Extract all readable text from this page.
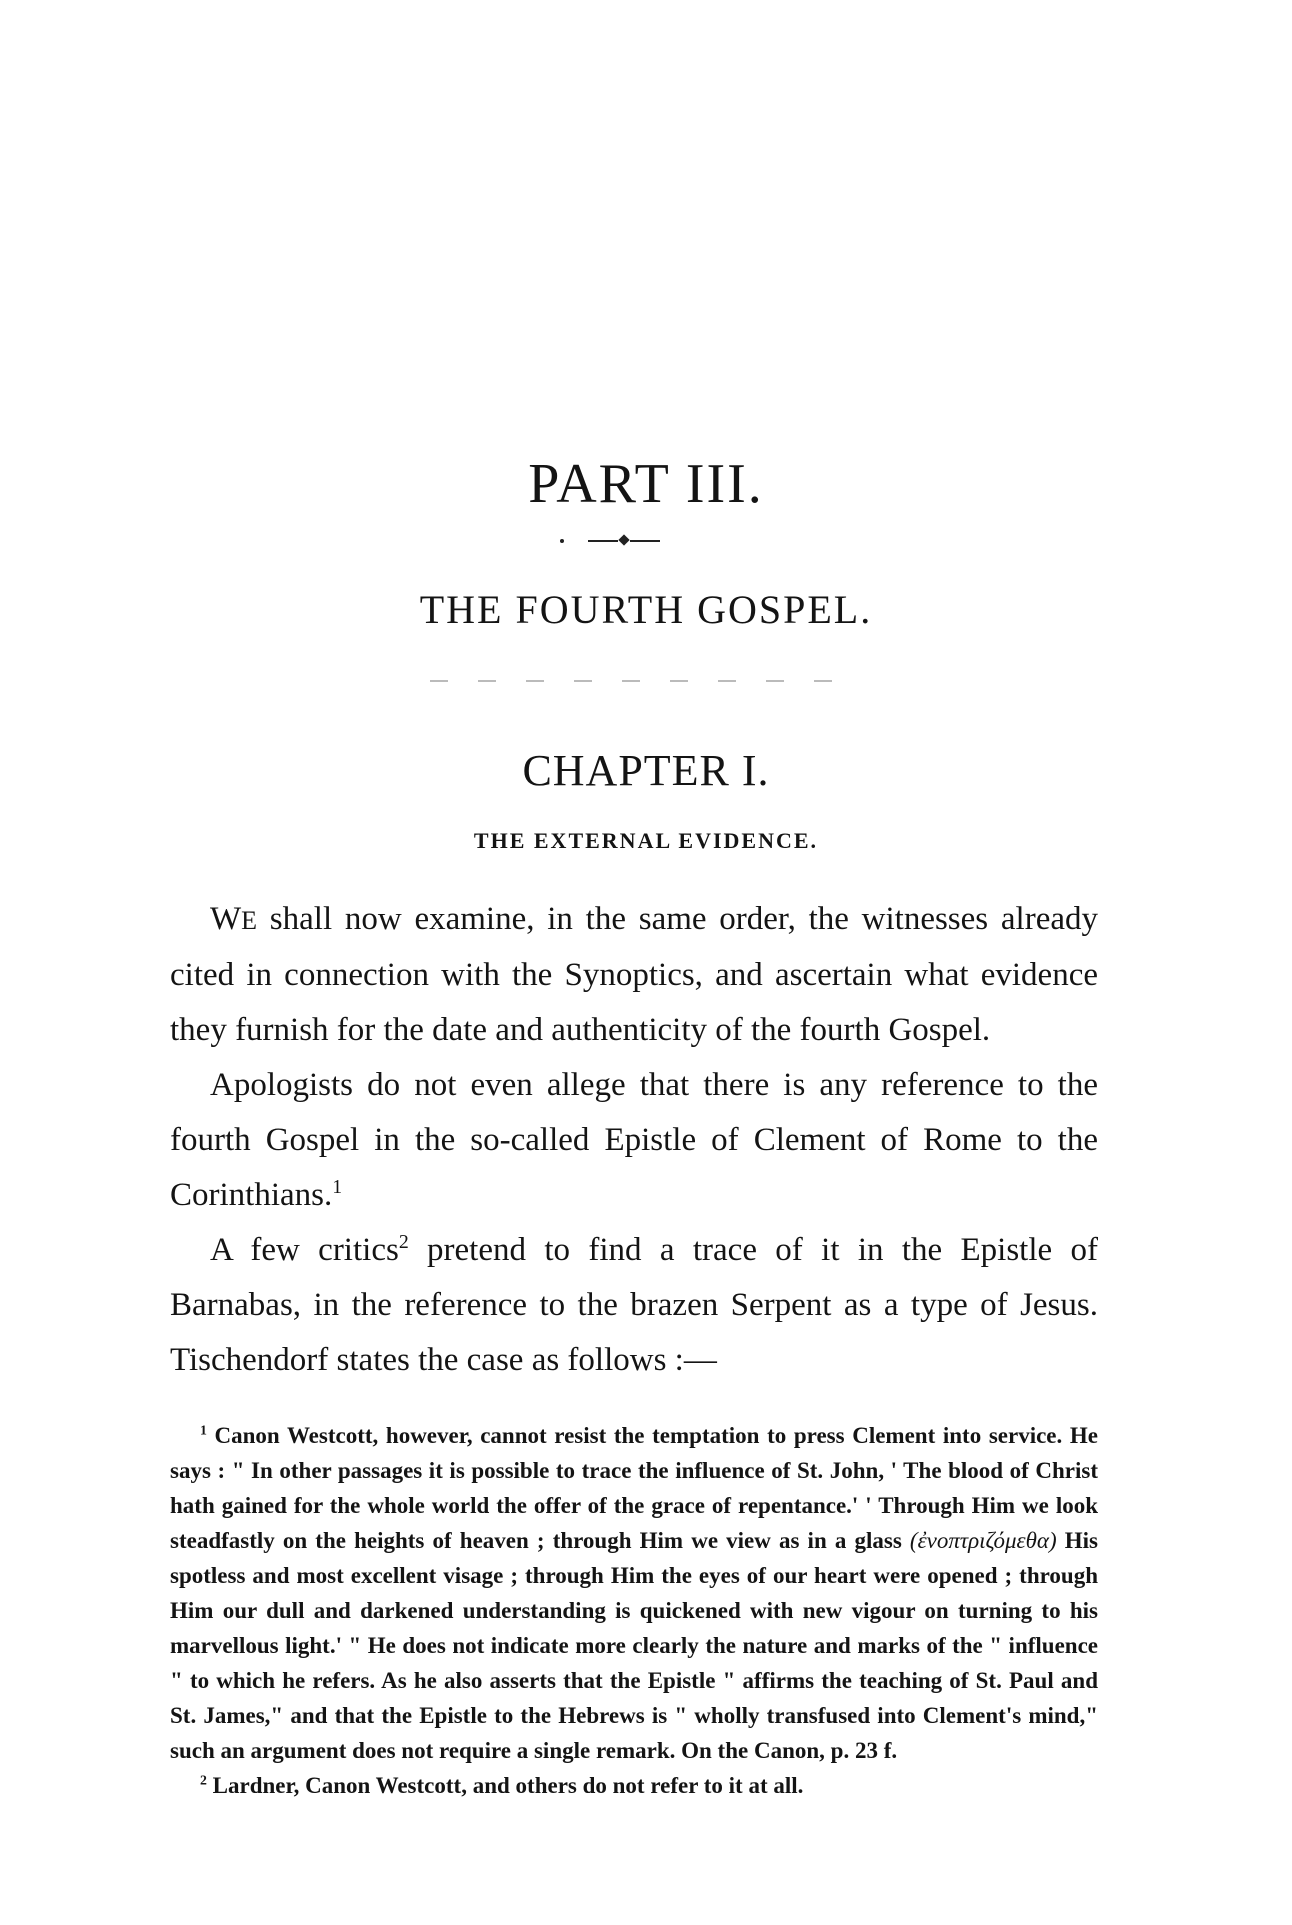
PART III.
THE FOURTH GOSPEL.
CHAPTER I.
THE EXTERNAL EVIDENCE.

WE shall now examine, in the same order, the witnesses already cited in connection with the Synoptics, and ascertain what evidence they furnish for the date and authenticity of the fourth Gospel.

Apologists do not even allege that there is any reference to the fourth Gospel in the so-called Epistle of Clement of Rome to the Corinthians.$^1$

A few critics$^2$ pretend to find a trace of it in the Epistle of Barnabas, in the reference to the brazen Serpent as a type of Jesus. Tischendorf states the case as follows :—

$^1$ Canon Westcott, however, cannot resist the temptation to press Clement into service. He says : " In other passages it is possible to trace the influence of St. John, ' The blood of Christ hath gained for the whole world the offer of the grace of repentance.' ' Through Him we look steadfastly on the heights of heaven ; through Him we view as in a glass (ἐνοπτριζόμεθα) His spotless and most excellent visage ; through Him the eyes of our heart were opened ; through Him our dull and darkened understanding is quickened with new vigour on turning to his marvellous light.' " He does not indicate more clearly the nature and marks of the " influence " to which he refers. As he also asserts that the Epistle " affirms the teaching of St. Paul and St. James," and that the Epistle to the Hebrews is " wholly transfused into Clement's mind," such an argument does not require a single remark. On the Canon, p. 23 f.

$^2$ Lardner, Canon Westcott, and others do not refer to it at all.
